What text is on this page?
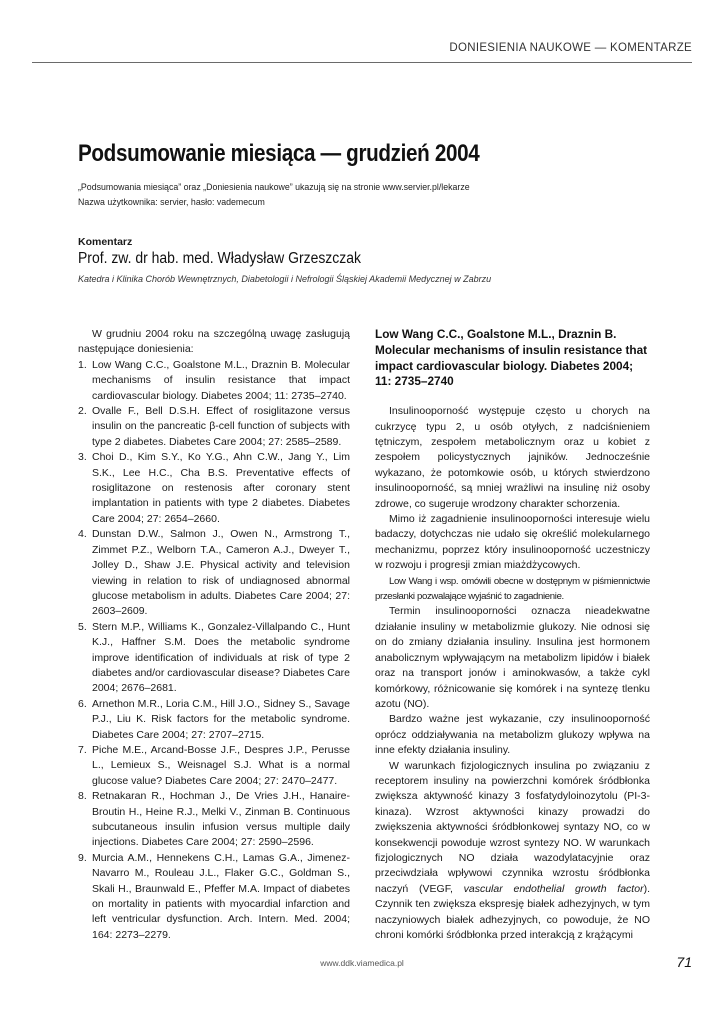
DONIESIENIA NAUKOWE — KOMENTARZE
Podsumowanie miesiąca — grudzień 2004

„Podsumowania miesiąca” oraz „Doniesienia naukowe” ukazują się na stronie www.servier.pl/lekarze

Nazwa użytkownika: servier, hasło: vademecum

Komentarz

Prof. zw. dr hab. med. Władysław Grzeszczak

Katedra i Klinika Chorób Wewnętrznych, Diabetologii i Nefrologii Śląskiej Akademii Medycznej w Zabrzu

W grudniu 2004 roku na szczególną uwagę zasługują następujące doniesienia:

1. Low Wang C.C., Goalstone M.L., Draznin B. Molecular mechanisms of insulin resistance that impact cardiovascular biology. Diabetes 2004; 11: 2735–2740.
2. Ovalle F., Bell D.S.H. Effect of rosiglitazone versus insulin on the pancreatic β-cell function of subjects with type 2 diabetes. Diabetes Care 2004; 27: 2585–2589.
3. Choi D., Kim S.Y., Ko Y.G., Ahn C.W., Jang Y., Lim S.K., Lee H.C., Cha B.S. Preventative effects of rosiglitazone on restenosis after coronary stent implantation in patients with type 2 diabetes. Diabetes Care 2004; 27: 2654–2660.
4. Dunstan D.W., Salmon J., Owen N., Armstrong T., Zimmet P.Z., Welborn T.A., Cameron A.J., Dweyer T., Jolley D., Shaw J.E. Physical activity and television viewing in relation to risk of undiagnosed abnormal glucose metabolism in adults. Diabetes Care 2004; 27: 2603–2609.
5. Stern M.P., Williams K., Gonzalez-Villalpando C., Hunt K.J., Haffner S.M. Does the metabolic syndrome improve identification of individuals at risk of type 2 diabetes and/or cardiovascular disease? Diabetes Care 2004; 2676–2681.
6. Arnethon M.R., Loria C.M., Hill J.O., Sidney S., Savage P.J., Liu K. Risk factors for the metabolic syndrome. Diabetes Care 2004; 27: 2707–2715.
7. Piche M.E., Arcand-Bosse J.F., Despres J.P., Perusse L., Lemieux S., Weisnagel S.J. What is a normal glucose value? Diabetes Care 2004; 27: 2470–2477.
8. Retnakaran R., Hochman J., De Vries J.H., Hanaire-Broutin H., Heine R.J., Melki V., Zinman B. Continuous subcutaneous insulin infusion versus multiple daily injections. Diabetes Care 2004; 27: 2590–2596.
9. Murcia A.M., Hennekens C.H., Lamas G.A., Jimenez-Navarro M., Rouleau J.L., Flaker G.C., Goldman S., Skali H., Braunwald E., Pfeffer M.A. Impact of diabetes on mortality in patients with myocardial infarction and left ventricular dysfunction. Arch. Intern. Med. 2004; 164: 2273–2279.

Low Wang C.C., Goalstone M.L., Draznin B. Molecular mechanisms of insulin resistance that impact cardiovascular biology. Diabetes 2004; 11: 2735–2740

Insulinooporność występuje często u chorych na cukrzycę typu 2, u osób otyłych, z nadciśnieniem tętniczym, zespołem metabolicznym oraz u kobiet z zespołem policystycznych jajników. Jednocześnie wykazano, że potomkowie osób, u których stwierdzono insulinooporność, są mniej wrażliwi na insulinę niż osoby zdrowe, co sugeruje wrodzony charakter schorzenia.

Mimo iż zagadnienie insulinooporności interesuje wielu badaczy, dotychczas nie udało się określić molekularnego mechanizmu, poprzez który insulinooporność uczestniczy w rozwoju i progresji zmian miażdżycowych.

Low Wang i wsp. omówili obecne w dostępnym w piśmiennictwie przesłanki pozwalające wyjaśnić to zagadnienie.

Termin insulinooporności oznacza nieadekwatne działanie insuliny w metabolizmie glukozy. Nie odnosi się on do zmiany działania insuliny. Insulina jest hormonem anabolicznym wpływającym na metabolizm lipidów i białek oraz na transport jonów i aminokwasów, a także cykl komórkowy, różnicowanie się komórek i na syntezę tlenku azotu (NO).

Bardzo ważne jest wykazanie, czy insulinooporność oprócz oddziaływania na metabolizm glukozy wpływa na inne efekty działania insuliny.

W warunkach fizjologicznych insulina po związaniu z receptorem insuliny na powierzchni komórek śródbłonka zwiększa aktywność kinazy 3 fosfatydyloinozytolu (PI-3-kinaza). Wzrost aktywności kinazy prowadzi do zwiększenia aktywności śródbłonkowej syntazy NO, co w konsekwencji powoduje wzrost syntezy NO. W warunkach fizjologicznych NO działa wazodylatacyjnie oraz przeciwdziała wpływowi czynnika wzrostu śródbłonka naczyń (VEGF, vascular endothelial growth factor). Czynnik ten zwiększa ekspresję białek adhezyjnych, w tym naczyniowych białek adhezyjnych, co powoduje, że NO chroni komórki śródbłonka przed interakcją z krążącymi

www.ddk.viamedica.pl	71
